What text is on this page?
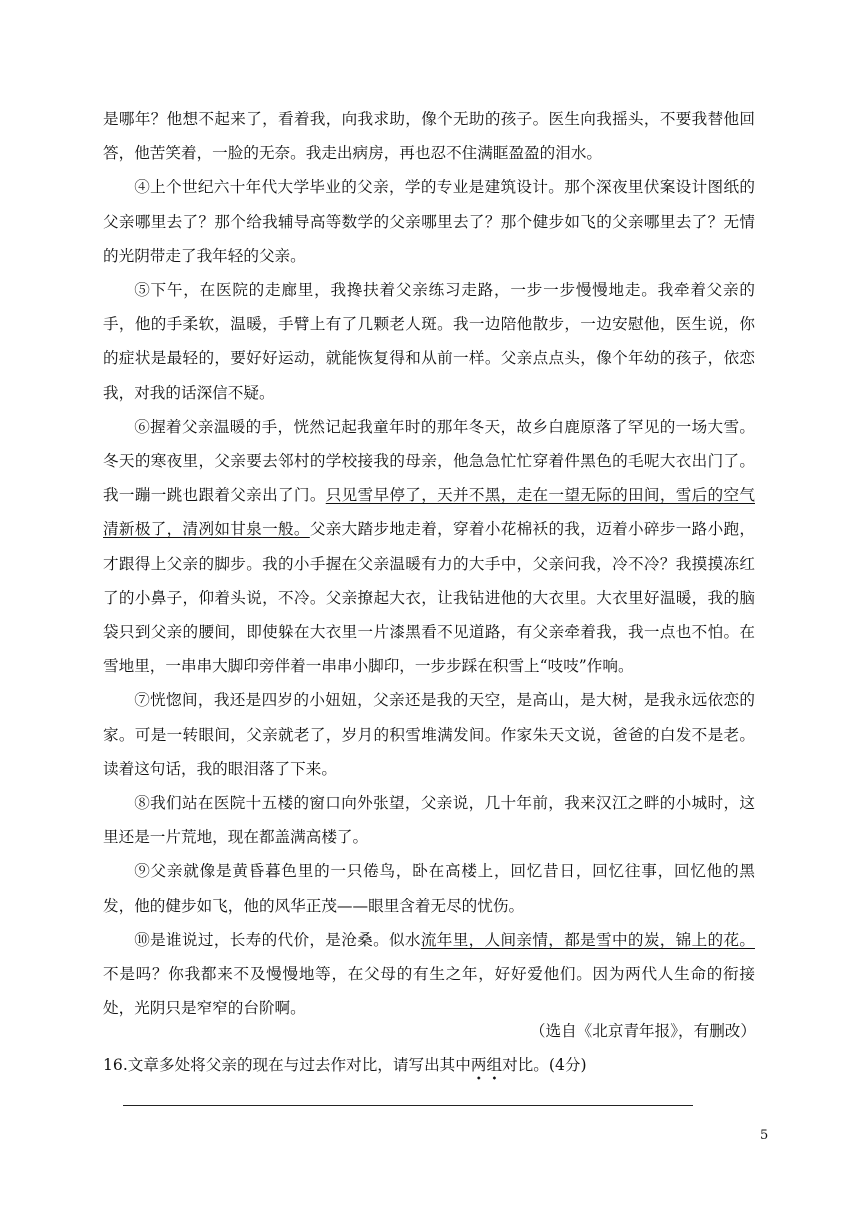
是哪年？他想不起来了，看着我，向我求助，像个无助的孩子。医生向我摇头，不要我替他回答，他苦笑着，一脸的无奈。我走出病房，再也忍不住满眶盈盈的泪水。

④上个世纪六十年代大学毕业的父亲，学的专业是建筑设计。那个深夜里伏案设计图纸的父亲哪里去了？那个给我辅导高等数学的父亲哪里去了？那个健步如飞的父亲哪里去了？无情的光阴带走了我年轻的父亲。

⑤下午，在医院的走廊里，我搀扶着父亲练习走路，一步一步慢慢地走。我牵着父亲的手，他的手柔软，温暖，手臂上有了几颗老人斑。我一边陪他散步，一边安慰他，医生说，你的症状是最轻的，要好好运动，就能恢复得和从前一样。父亲点点头，像个年幼的孩子，依恋我，对我的话深信不疑。

⑥握着父亲温暖的手，恍然记起我童年时的那年冬天，故乡白鹿原落了罕见的一场大雪。冬天的寒夜里，父亲要去邻村的学校接我的母亲，他急急忙忙穿着件黑色的毛呢大衣出门了。我一蹦一跳也跟着父亲出了门。只见雪早停了，天并不黑，走在一望无际的田间，雪后的空气清新极了，清冽如甘泉一般。父亲大踏步地走着，穿着小花棉袄的我，迈着小碎步一路小跑，才跟得上父亲的脚步。我的小手握在父亲温暖有力的大手中，父亲问我，冷不冷？我摸摸冻红了的小鼻子，仰着头说，不冷。父亲撩起大衣，让我钻进他的大衣里。大衣里好温暖，我的脑袋只到父亲的腰间，即使躲在大衣里一片漆黑看不见道路，有父亲牵着我，我一点也不怕。在雪地里，一串串大脚印旁伴着一串串小脚印，一步步踩在积雪上“吱吱”作响。

⑦恍惚间，我还是四岁的小妞妞，父亲还是我的天空，是高山，是大树，是我永远依恋的家。可是一转眼间，父亲就老了，岁月的积雪堆满发间。作家朱天文说，爸爸的白发不是老。读着这句话，我的眼泪落了下来。

⑧我们站在医院十五楼的窗口向外张望，父亲说，几十年前，我来汉江之畔的小城时，这里还是一片荒地，现在都盖满高楼了。

⑨父亲就像是黄昏暮色里的一只倦鸟，卧在高楼上，回忆昔日，回忆往事，回忆他的黑发，他的健步如飞，他的风华正茂——眼里含着无尽的忧伤。

⑩是谁说过，长寿的代价，是沧桑。似水流年里，人间亲情，都是雪中的炭，锦上的花。不是吗？你我都来不及慢慢地等，在父母的有生之年，好好爱他们。因为两代人生命的衔接处，光阴只是窄窄的台阶啊。

（选自《北京青年报》，有删改）
16.文章多处将父亲的现在与过去作对比，请写出其中两组对比。(4分)
5
